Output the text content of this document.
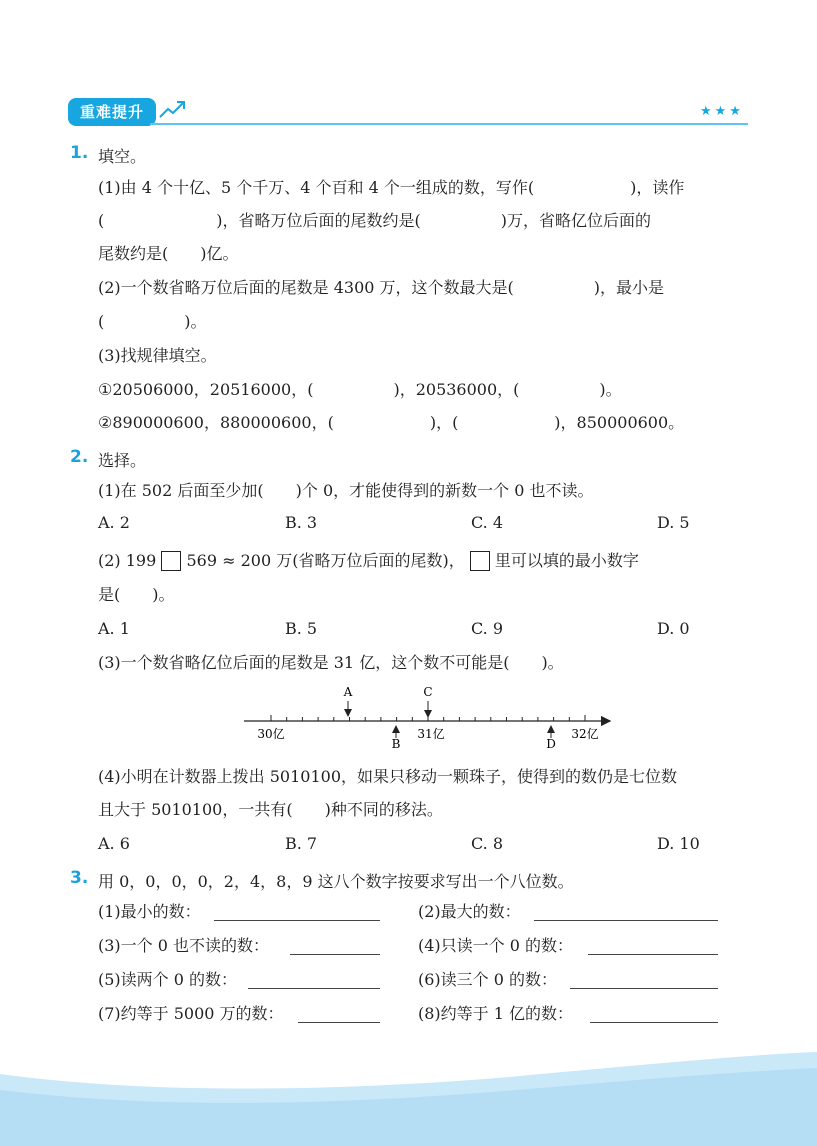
重难提升	★★★
1. 填空。
(1)由 4 个十亿、5 个千万、4 个百和 4 个一组成的数，写作(　　　　　　)，读作
(　　　　　　　)，省略万位后面的尾数约是(　　　　　)万，省略亿位后面的
尾数约是(　　)亿。
(2)一个数省略万位后面的尾数是 4300 万，这个数最大是(　　　　　)，最小是
(　　　　　)。
(3)找规律填空。
①20506000，20516000，(　　　　　)，20536000，(　　　　　)。
②890000600，880000600，(　　　　　　)，(　　　　　　)，850000600。
2. 选择。
(1)在 502 后面至少加(　　)个 0，才能使得到的新数一个 0 也不读。
A. 2	B. 3	C. 4	D. 5
(2) 199 569 ≈ 200 万(省略万位后面的尾数)， 里可以填的最小数字
是(　　)。
A. 1	B. 5	C. 9	D. 0
(3)一个数省略亿位后面的尾数是 31 亿，这个数不可能是(　　)。
A	C
B	D
30亿	31亿	32亿
(4)小明在计数器上拨出 5010100，如果只移动一颗珠子，使得到的数仍是七位数
且大于 5010100，一共有(　　)种不同的移法。
A. 6	B. 7	C. 8	D. 10
3. 用 0，0，0，0，2，4，8，9 这八个数字按要求写出一个八位数。
(1)最小的数：	(2)最大的数：
(3)一个 0 也不读的数：	(4)只读一个 0 的数：
(5)读两个 0 的数：	(6)读三个 0 的数：
(7)约等于 5000 万的数：	(8)约等于 1 亿的数：
